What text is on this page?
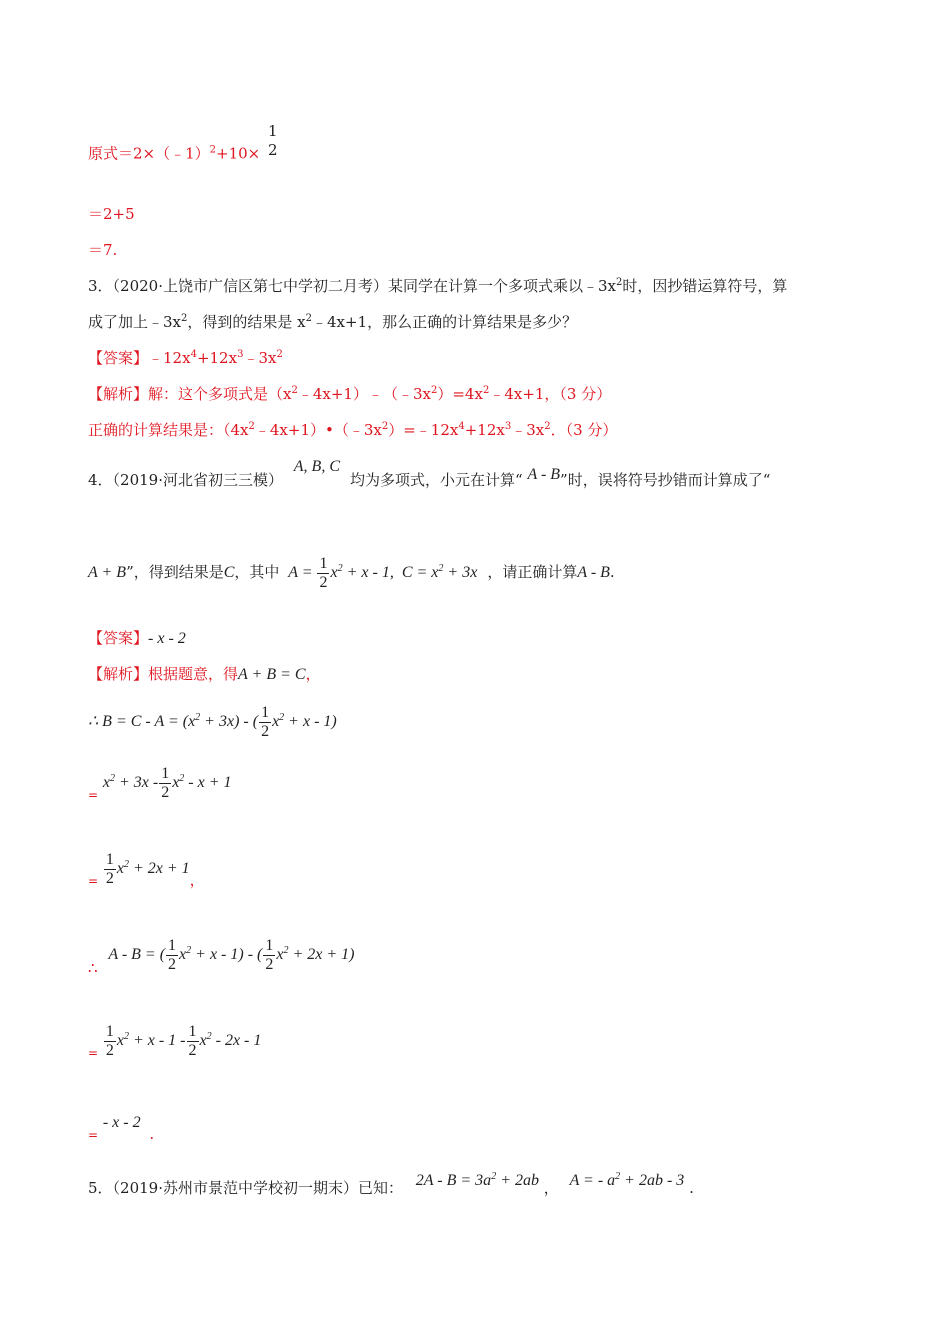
原式＝2×（﹣1）$^2$+10× $\frac{1}{2}$
＝2+5
＝7.
3．（2020·上饶市广信区第七中学初二月考）某同学在计算一个多项式乘以$﹣3x^2$时，因抄错运算符号，算
成了加上$﹣3x^2$，得到的结果是 $x^2﹣4x+1$，那么正确的计算结果是多少？
【答案】$﹣12x^4+12x^3﹣3x^2$
【解析】解：这个多项式是$(x^2﹣4x+1)﹣(﹣3x^2)=4x^2﹣4x+1$，（3 分）
正确的计算结果是：$(4x^2﹣4x+1)•(﹣3x^2)=﹣12x^4+12x^3﹣3x^2$．（3 分）
4．（2019·河北省初三三模） A, B, C均为多项式，小元在计算“ A - B”时，误将符号抄错而计算成了“
A + B”，得到结果是C，其中 $A = \frac{1}{2} x^2 + x - 1$, $C = x^2 + 3x$ ，请正确计算A - B.
【答案】- x - 2
【解析】根据题意，得A + B = C，
∴ $B = C - A = (x^2 + 3x)$ - ( $\frac{1}{2} x^2 + x - 1$)
$_=$ $x^2 + 3x - \frac{1}{2} x^2 - x + 1$
$_= \frac{1}{2} x^2 + 2x + 1$，
∴ A - B = ( $\frac{1}{2} x^2 + x - 1$) - ( $\frac{1}{2} x^2 + 2x + 1$)
$_= \frac{1}{2} x^2 + x - 1 - \frac{1}{2} x^2 - 2x - 1$
$_=$ - x - 2 .
5．（2019·苏州市景范中学校初一期末）已知： $2A - B = 3a^2 + 2ab$ ， A = - $a^2 + 2ab - 3$ .
